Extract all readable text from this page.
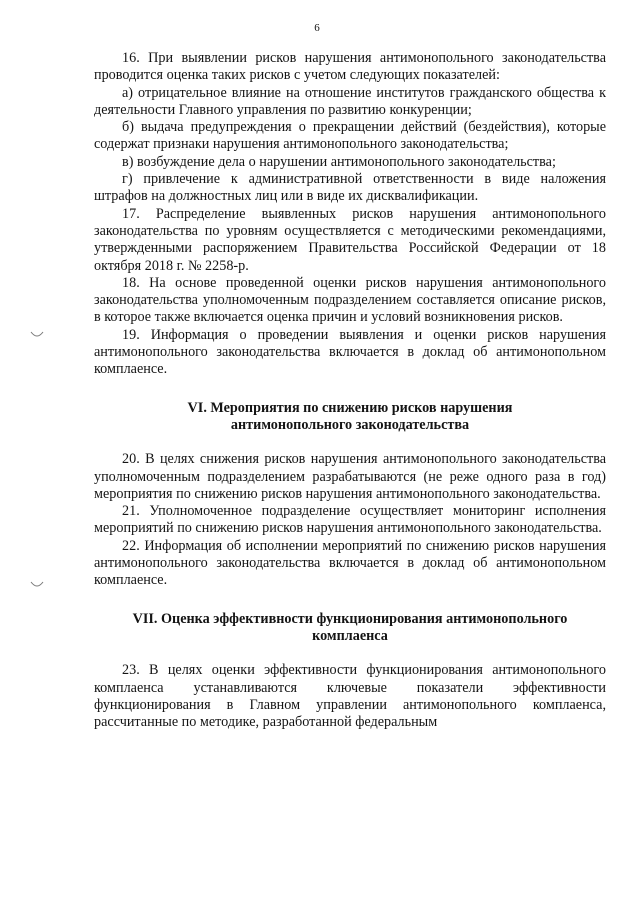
6

16. При выявлении рисков нарушения антимонопольного законодательства проводится оценка таких рисков с учетом следующих показателей:

а) отрицательное влияние на отношение институтов гражданского общества к деятельности Главного управления по развитию конкуренции;

б) выдача предупреждения о прекращении действий (бездействия), которые содержат признаки нарушения антимонопольного законодательства;

в) возбуждение дела о нарушении антимонопольного законодательства;

г) привлечение к административной ответственности в виде наложения штрафов на должностных лиц или в виде их дисквалификации.

17. Распределение выявленных рисков нарушения антимонопольного законодательства по уровням осуществляется с методическими рекомендациями, утвержденными распоряжением Правительства Российской Федерации от 18 октября 2018 г. № 2258-р.

18. На основе проведенной оценки рисков нарушения антимонопольного законодательства уполномоченным подразделением составляется описание рисков, в которое также включается оценка причин и условий возникновения рисков.

19. Информация о проведении выявления и оценки рисков нарушения антимонопольного законодательства включается в доклад об антимонопольном комплаенсе.

VI. Мероприятия по снижению рисков нарушения

антимонопольного законодательства

20. В целях снижения рисков нарушения антимонопольного законодательства уполномоченным подразделением разрабатываются (не реже одного раза в год) мероприятия по снижению рисков нарушения антимонопольного законодательства.

21. Уполномоченное подразделение осуществляет мониторинг исполнения мероприятий по снижению рисков нарушения антимонопольного законодательства.

22. Информация об исполнении мероприятий по снижению рисков нарушения антимонопольного законодательства включается в доклад об антимонопольном комплаенсе.

VII. Оценка эффективности функционирования антимонопольного

комплаенса

23. В целях оценки эффективности функционирования антимонопольного комплаенса устанавливаются ключевые показатели эффективности функционирования в Главном управлении антимонопольного комплаенса, рассчитанные по методике, разработанной федеральным
